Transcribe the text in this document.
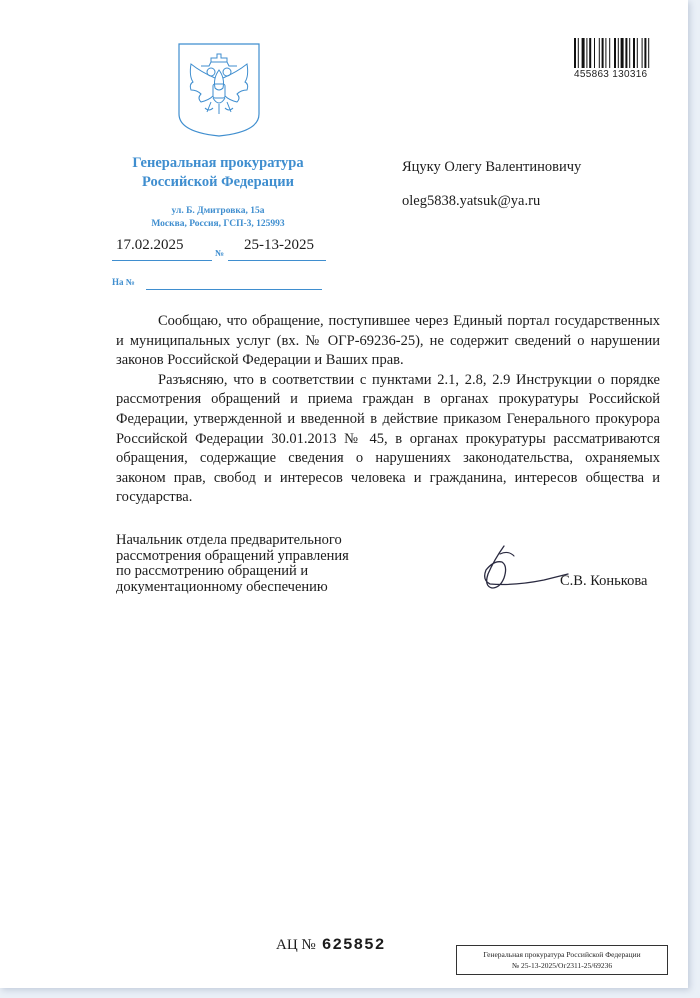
455863 130316
Генеральная прокуратура
Российской Федерации
ул. Б. Дмитровка, 15а
Москва, Россия, ГСП-3, 125993
17.02.2025	№ 25-13-2025
На №
Яцуку Олегу Валентиновичу
oleg5838.yatsuk@ya.ru

Сообщаю, что обращение, поступившее через Единый портал государственных и муниципальных услуг (вх. № ОГР-69236-25), не содержит сведений о нарушении законов Российской Федерации и Ваших прав.

Разъясняю, что в соответствии с пунктами 2.1, 2.8, 2.9 Инструкции о порядке рассмотрения обращений и приема граждан в органах прокуратуры Российской Федерации, утвержденной и введенной в действие приказом Генерального прокурора Российской Федерации 30.01.2013 № 45, в органах прокуратуры рассматриваются обращения, содержащие сведения о нарушениях законодательства, охраняемых законом прав, свобод и интересов человека и гражданина, интересов общества и государства.

Начальник отдела предварительного
рассмотрения обращений управления
по рассмотрению обращений и
документационному обеспечению	С.В. Конькова
АЦ № 625852
Генеральная прокуратура Российской Федерации
№ 25-13-2025/Ог2311-25/69236
